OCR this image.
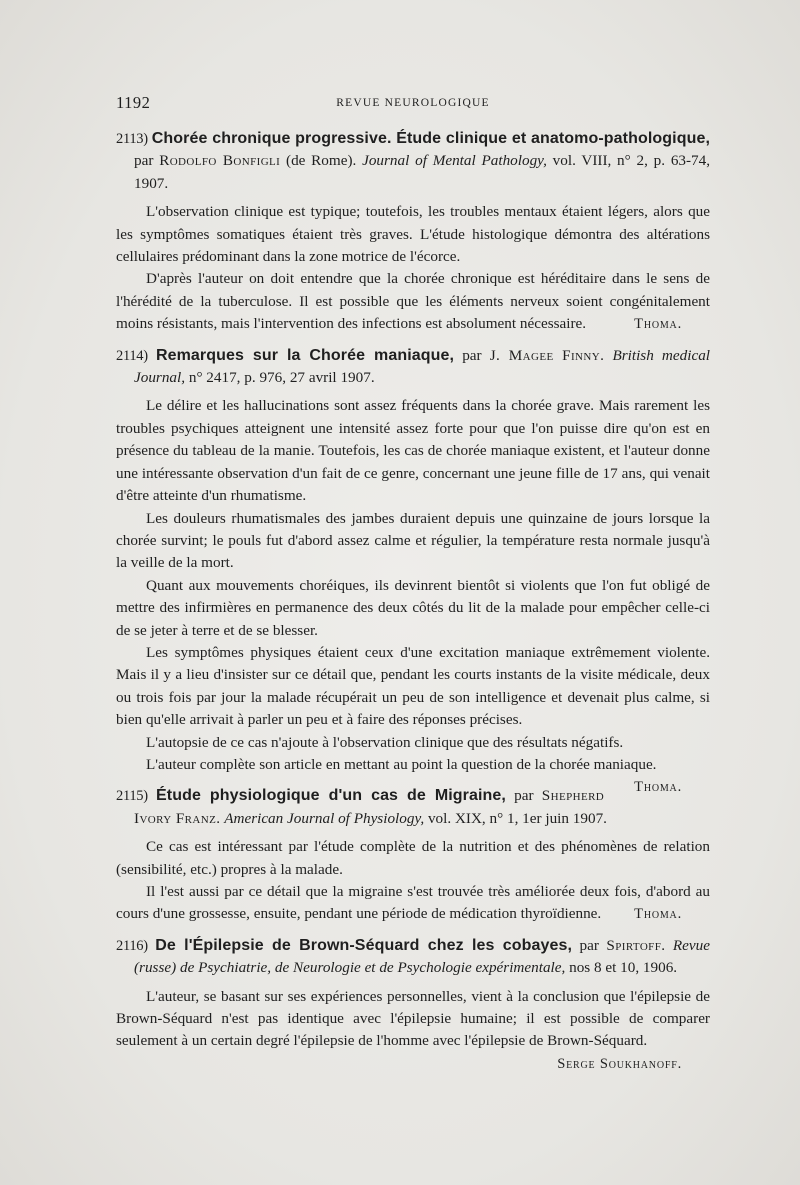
1192	REVUE NEUROLOGIQUE

2113) Chorée chronique progressive. Étude clinique et anatomo-pathologique, par Rodolfo Bonfigli (de Rome). Journal of Mental Pathology, vol. VIII, n° 2, p. 63-74, 1907.

L'observation clinique est typique; toutefois, les troubles mentaux étaient légers, alors que les symptômes somatiques étaient très graves. L'étude histologique démontra des altérations cellulaires prédominant dans la zone motrice de l'écorce.

D'après l'auteur on doit entendre que la chorée chronique est héréditaire dans le sens de l'hérédité de la tuberculose. Il est possible que les éléments nerveux soient congénitalement moins résistants, mais l'intervention des infections est absolument nécessaire.	Thoma.

2114) Remarques sur la Chorée maniaque, par J. Magee Finny. British medical Journal, n° 2417, p. 976, 27 avril 1907.

Le délire et les hallucinations sont assez fréquents dans la chorée grave. Mais rarement les troubles psychiques atteignent une intensité assez forte pour que l'on puisse dire qu'on est en présence du tableau de la manie. Toutefois, les cas de chorée maniaque existent, et l'auteur donne une intéressante observation d'un fait de ce genre, concernant une jeune fille de 17 ans, qui venait d'être atteinte d'un rhumatisme.

Les douleurs rhumatismales des jambes duraient depuis une quinzaine de jours lorsque la chorée survint; le pouls fut d'abord assez calme et régulier, la température resta normale jusqu'à la veille de la mort.

Quant aux mouvements choréiques, ils devinrent bientôt si violents que l'on fut obligé de mettre des infirmières en permanence des deux côtés du lit de la malade pour empêcher celle-ci de se jeter à terre et de se blesser.

Les symptômes physiques étaient ceux d'une excitation maniaque extrêmement violente. Mais il y a lieu d'insister sur ce détail que, pendant les courts instants de la visite médicale, deux ou trois fois par jour la malade récupérait un peu de son intelligence et devenait plus calme, si bien qu'elle arrivait à parler un peu et à faire des réponses précises.

L'autopsie de ce cas n'ajoute à l'observation clinique que des résultats négatifs.

L'auteur complète son article en mettant au point la question de la chorée maniaque.
Thoma.

2115) Étude physiologique d'un cas de Migraine, par Shepherd Ivory Franz. American Journal of Physiology, vol. XIX, n° 1, 1er juin 1907.

Ce cas est intéressant par l'étude complète de la nutrition et des phénomènes de relation (sensibilité, etc.) propres à la malade.

Il l'est aussi par ce détail que la migraine s'est trouvée très améliorée deux fois, d'abord au cours d'une grossesse, ensuite, pendant une période de médication thyroïdienne.	Thoma.

2116) De l'Épilepsie de Brown-Séquard chez les cobayes, par Spirtoff. Revue (russe) de Psychiatrie, de Neurologie et de Psychologie expérimentale, nos 8 et 10, 1906.

L'auteur, se basant sur ses expériences personnelles, vient à la conclusion que l'épilepsie de Brown-Séquard n'est pas identique avec l'épilepsie humaine; il est possible de comparer seulement à un certain degré l'épilepsie de l'homme avec l'épilepsie de Brown-Séquard.
Serge Soukhanoff.
